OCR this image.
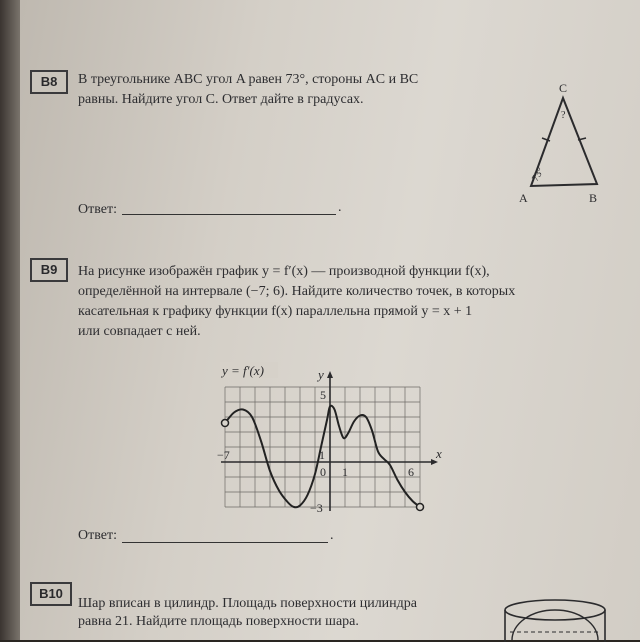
B8	В треугольнике ABC угол A равен 73°, стороны AC и BC
равны. Найдите угол C. Ответ дайте в градусах.
C
A	B
73°
?
Ответ:	.
B9	На рисунке изображён график y = f′(x) — производной функции f(x),
определённой на интервале (−7; 6). Найдите количество точек, в которых
касательная к графику функции f(x) параллельна прямой y = x + 1
или совпадает с ней.
y = f′(x)	y
x
−7
0 1	6
5
1
−3
Ответ:	.
B10
Шар вписан в цилиндр. Площадь поверхности цилиндра
равна 21. Найдите площадь поверхности шара.
